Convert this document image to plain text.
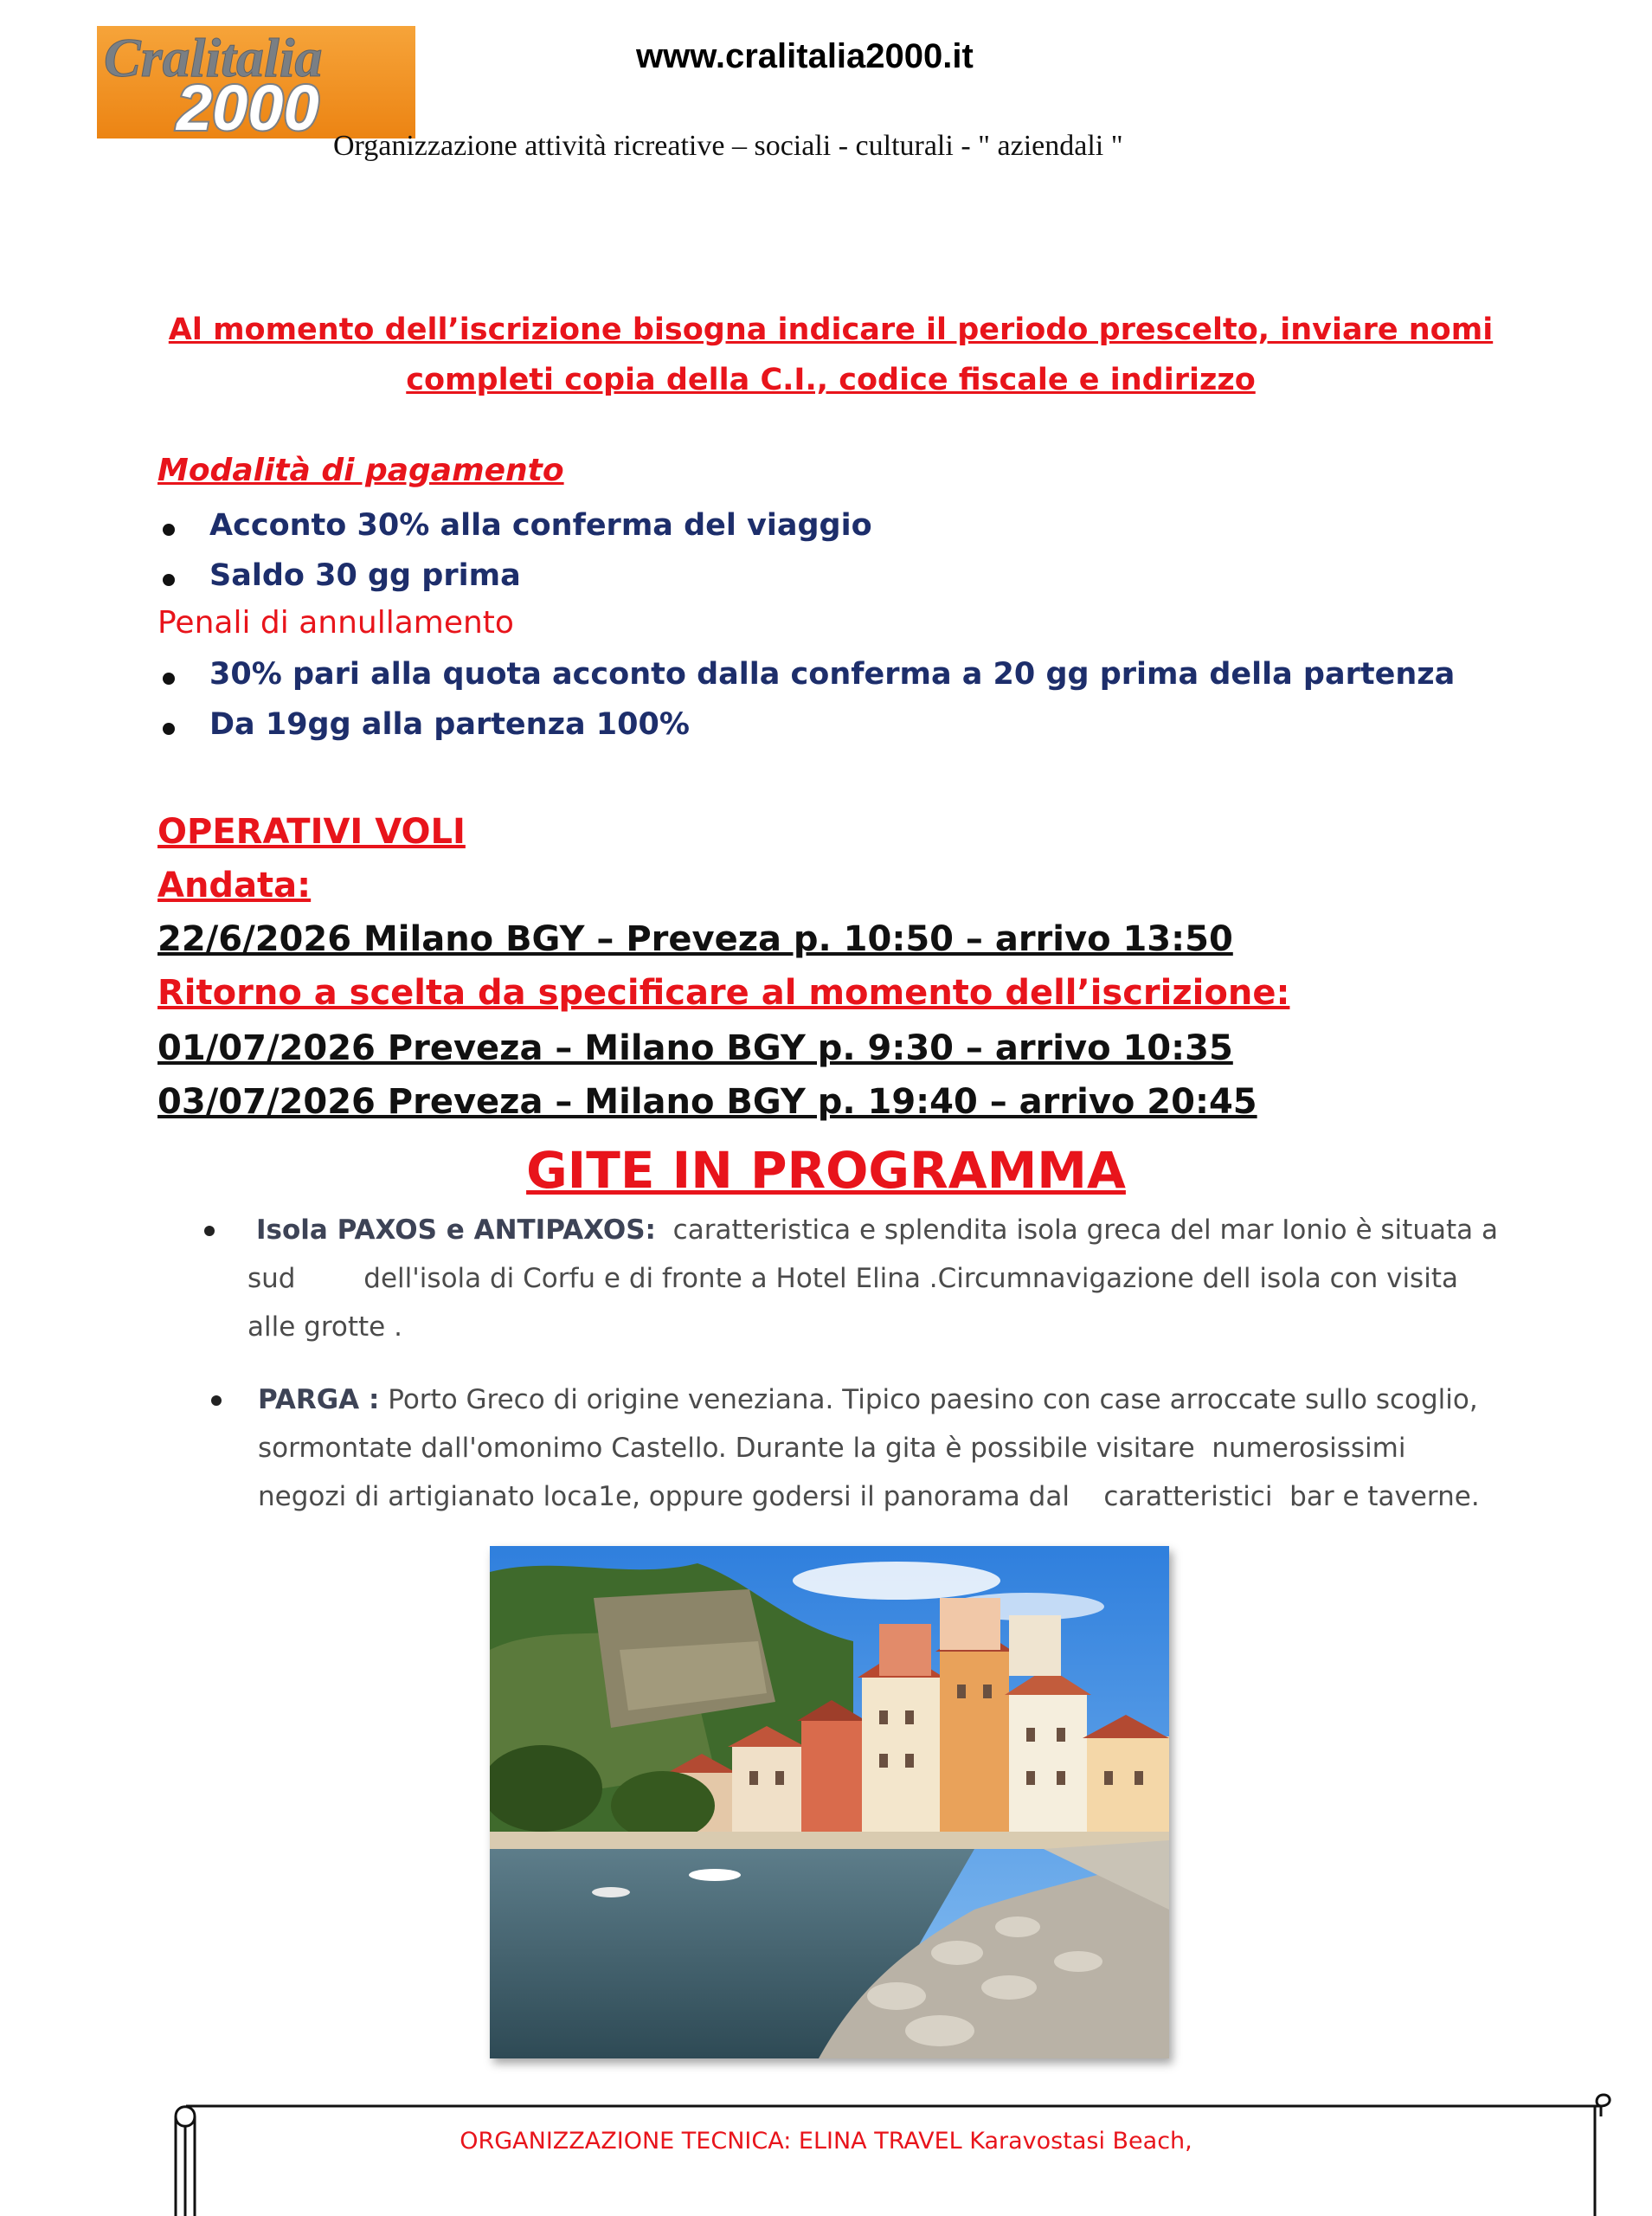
Cralitalia
2000
www.cralitalia2000.it
Organizzazione attività ricreative – sociali - culturali - " aziendali "
Al momento dell’iscrizione bisogna indicare il periodo prescelto, inviare nomi
completi copia della C.I., codice fiscale e indirizzo
Modalità di pagamento
Acconto 30% alla conferma del viaggio
Saldo 30 gg prima
Penali di annullamento
30% pari alla quota acconto dalla conferma a 20 gg prima della partenza
Da 19gg alla partenza 100%
OPERATIVI VOLI
Andata:
22/6/2026 Milano BGY – Preveza p. 10:50 – arrivo 13:50
Ritorno a scelta da specificare al momento dell’iscrizione:
01/07/2026 Preveza – Milano BGY p. 9:30 – arrivo 10:35
03/07/2026 Preveza – Milano BGY p. 19:40 – arrivo 20:45
GITE IN PROGRAMMA
Isola PAXOS e ANTIPAXOS: caratteristica e splendita isola greca del mar Ionio è situata a
sud        dell'isola di Corfu e di fronte a Hotel Elina .Circumnavigazione dell isola con visita
alle grotte .
PARGA : Porto Greco di origine veneziana. Tipico paesino con case arroccate sullo scoglio,
sormontate dall'omonimo Castello. Durante la gita è possibile visitare  numerosissimi
negozi di artigianato loca1e, oppure godersi il panorama dal    caratteristici  bar e taverne.
ORGANIZZAZIONE TECNICA: ELINA TRAVEL Karavostasi Beach,
